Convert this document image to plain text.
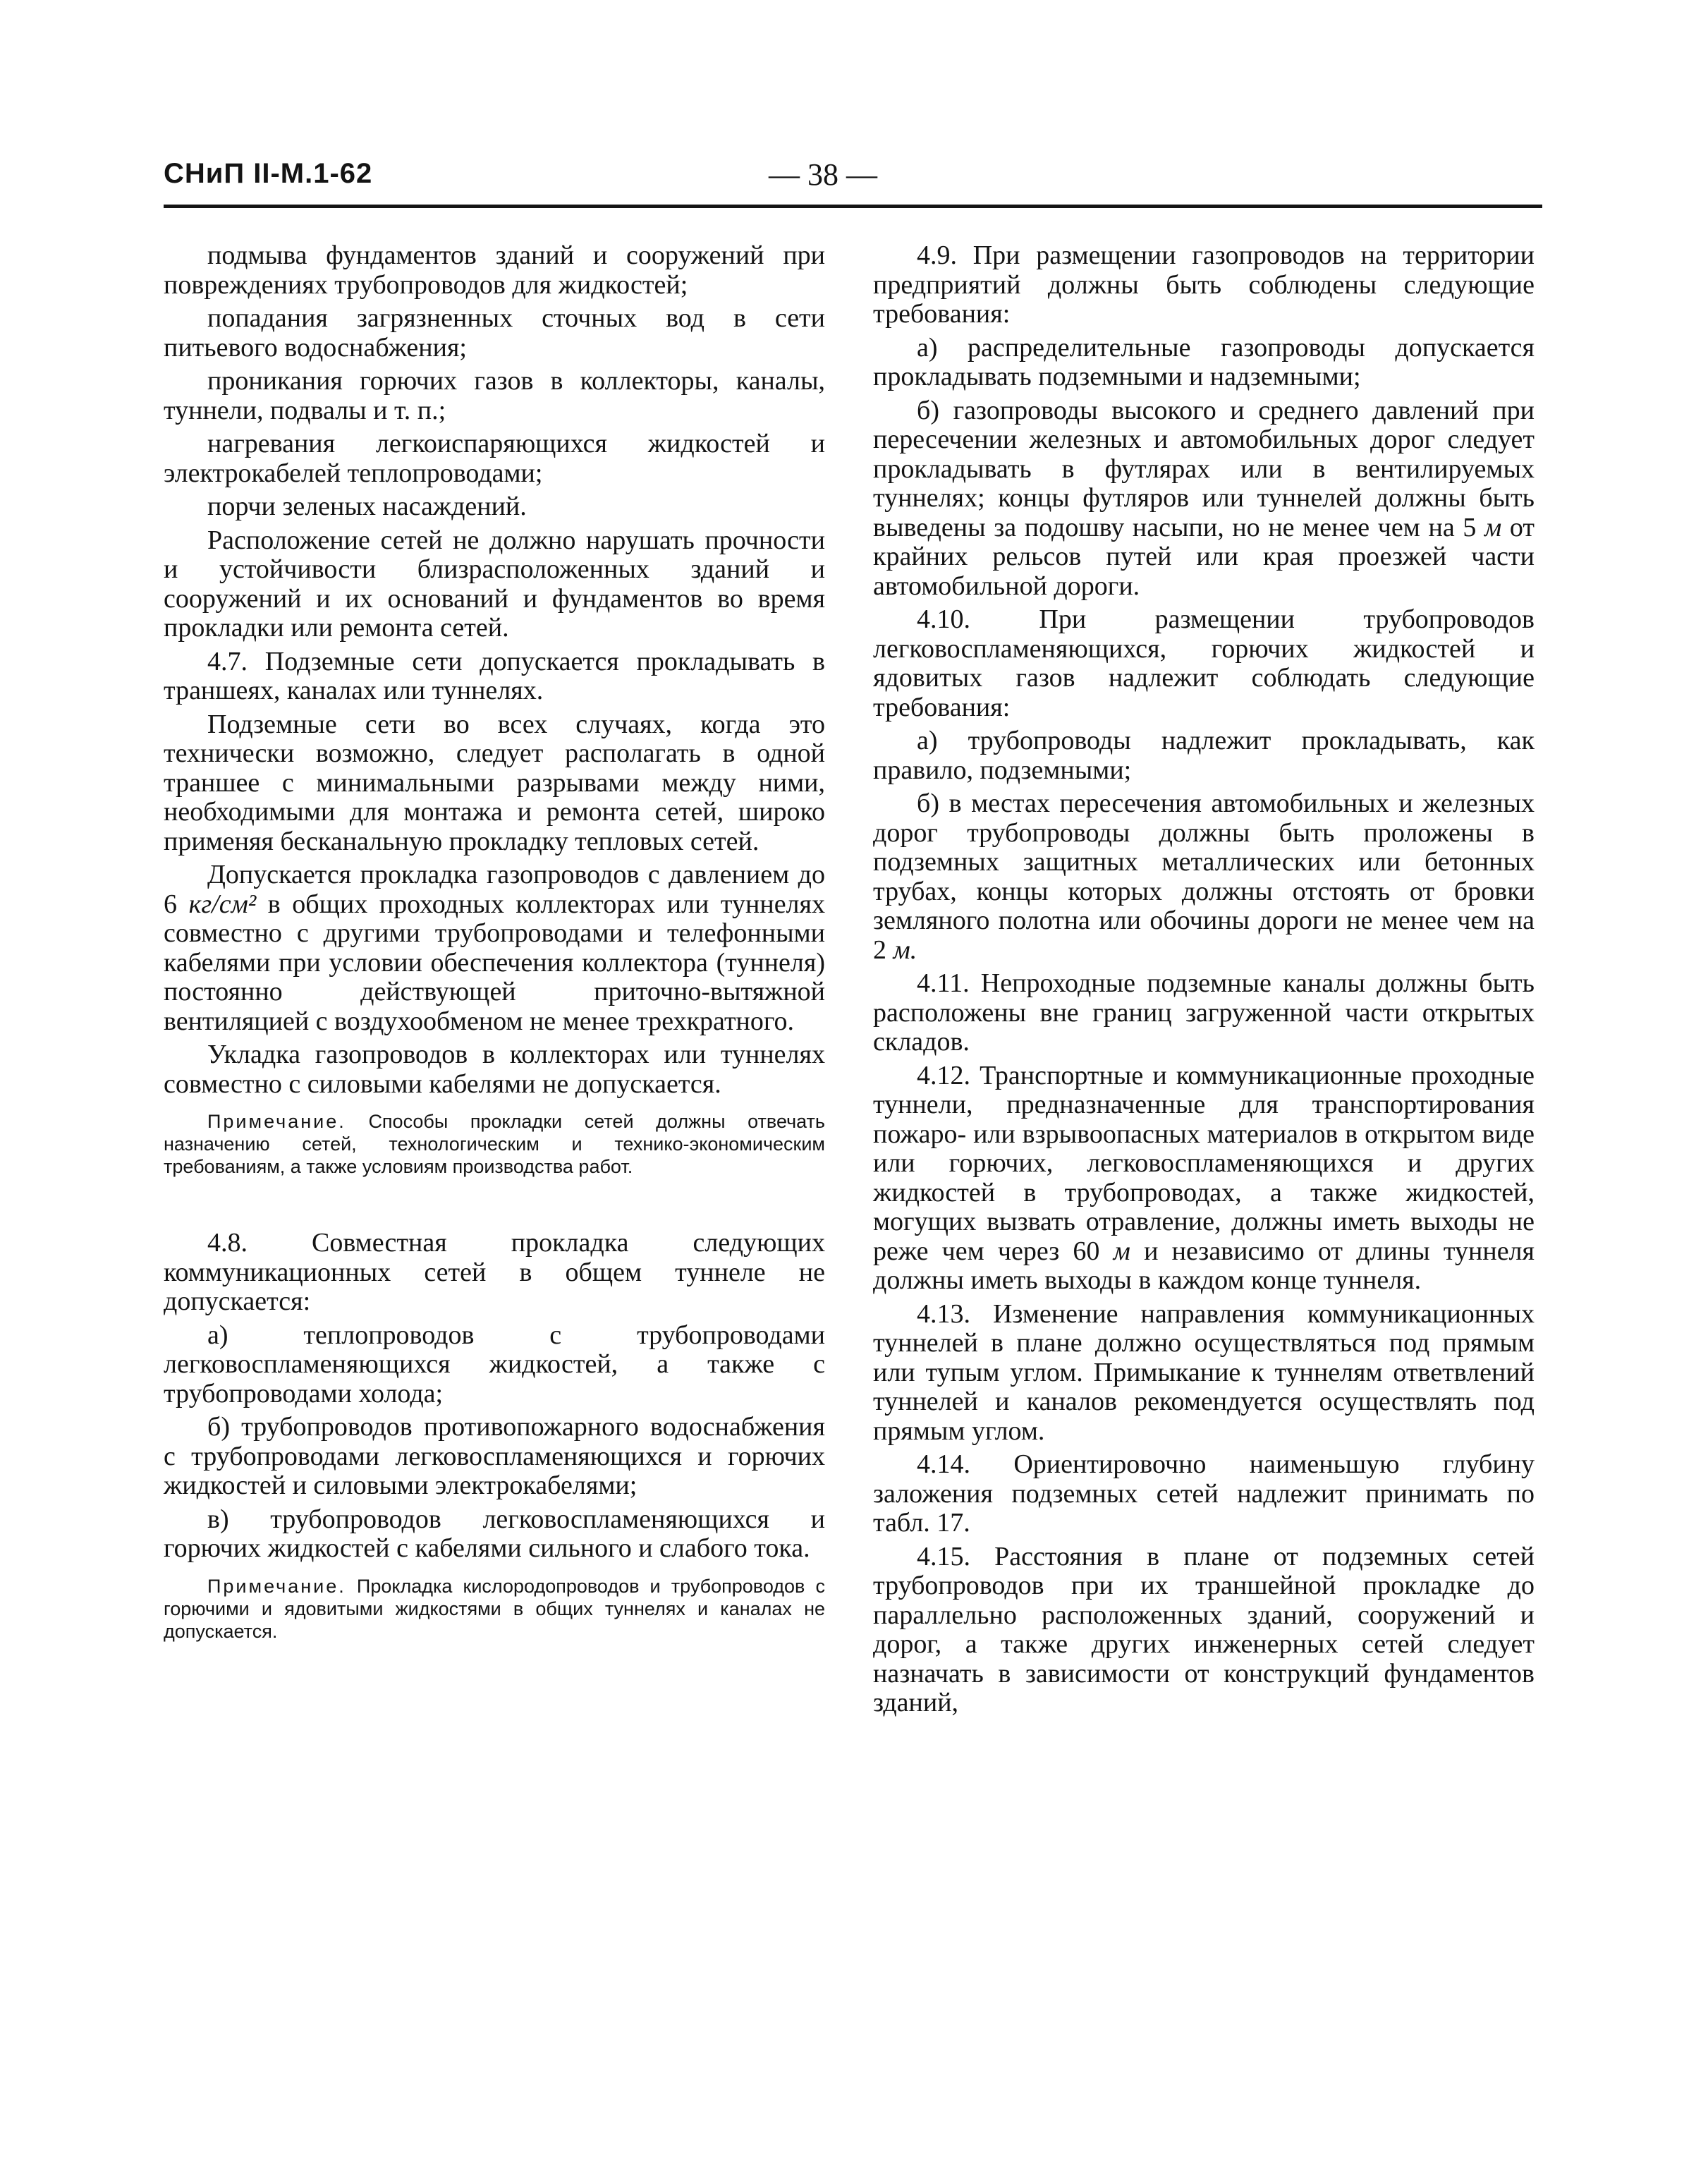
СНиП II-М.1-62	— 38 —

подмыва фундаментов зданий и сооружений при повреждениях трубопроводов для жидкостей;

попадания загрязненных сточных вод в сети питьевого водоснабжения;

проникания горючих газов в коллекторы, каналы, туннели, подвалы и т. п.;

нагревания легкоиспаряющихся жидкостей и электрокабелей теплопроводами;

порчи зеленых насаждений.

Расположение сетей не должно нарушать прочности и устойчивости близрасположенных зданий и сооружений и их оснований и фундаментов во время прокладки или ремонта сетей.

4.7. Подземные сети допускается прокладывать в траншеях, каналах или туннелях.

Подземные сети во всех случаях, когда это технически возможно, следует располагать в одной траншее с минимальными разрывами между ними, необходимыми для монтажа и ремонта сетей, широко применяя бесканальную прокладку тепловых сетей.

Допускается прокладка газопроводов с давлением до 6 кг/см² в общих проходных коллекторах или туннелях совместно с другими трубопроводами и телефонными кабелями при условии обеспечения коллектора (туннеля) постоянно действующей приточно-вытяжной вентиляцией с воздухообменом не менее трехкратного.

Укладка газопроводов в коллекторах или туннелях совместно с силовыми кабелями не допускается.

Примечание. Способы прокладки сетей должны отвечать назначению сетей, технологическим и технико-экономическим требованиям, а также условиям производства работ.

4.8. Совместная прокладка следующих коммуникационных сетей в общем туннеле не допускается:

а) теплопроводов с трубопроводами легковоспламеняющихся жидкостей, а также с трубопроводами холода;

б) трубопроводов противопожарного водоснабжения с трубопроводами легковоспламеняющихся и горючих жидкостей и силовыми электрокабелями;

в) трубопроводов легковоспламеняющихся и горючих жидкостей с кабелями сильного и слабого тока.

Примечание. Прокладка кислородопроводов и трубопроводов с горючими и ядовитыми жидкостями в общих туннелях и каналах не допускается.

4.9. При размещении газопроводов на территории предприятий должны быть соблюдены следующие требования:

а) распределительные газопроводы допускается прокладывать подземными и надземными;

б) газопроводы высокого и среднего давлений при пересечении железных и автомобильных дорог следует прокладывать в футлярах или в вентилируемых туннелях; концы футляров или туннелей должны быть выведены за подошву насыпи, но не менее чем на 5 м от крайних рельсов путей или края проезжей части автомобильной дороги.

4.10.	При размещении трубопроводов легковоспламеняющихся, горючих жидкостей и ядовитых газов надлежит соблюдать следующие требования:

а) трубопроводы надлежит прокладывать, как правило, подземными;

б) в местах пересечения автомобильных и железных дорог трубопроводы должны быть проложены в подземных защитных металлических или бетонных трубах, концы которых должны отстоять от бровки земляного полотна или обочины дороги не менее чем на 2 м.

4.11. Непроходные подземные каналы должны быть расположены вне границ загруженной части открытых складов.

4.12. Транспортные и коммуникационные проходные туннели, предназначенные для транспортирования пожаро- или взрывоопасных материалов в открытом виде или горючих, легковоспламеняющихся и других жидкостей в трубопроводах, а также жидкостей, могущих вызвать отравление, должны иметь выходы не реже чем через 60 м и независимо от длины туннеля должны иметь выходы в каждом конце туннеля.

4.13. Изменение направления коммуникационных туннелей в плане должно осуществляться под прямым или тупым углом. Примыкание к туннелям ответвлений туннелей и каналов рекомендуется осуществлять под прямым углом.

4.14. Ориентировочно наименьшую глубину заложения подземных сетей надлежит принимать по табл. 17.

4.15. Расстояния в плане от подземных сетей трубопроводов при их траншейной прокладке до параллельно расположенных зданий, сооружений и дорог, а также других инженерных сетей следует назначать в зависимости от конструкций фундаментов зданий,
